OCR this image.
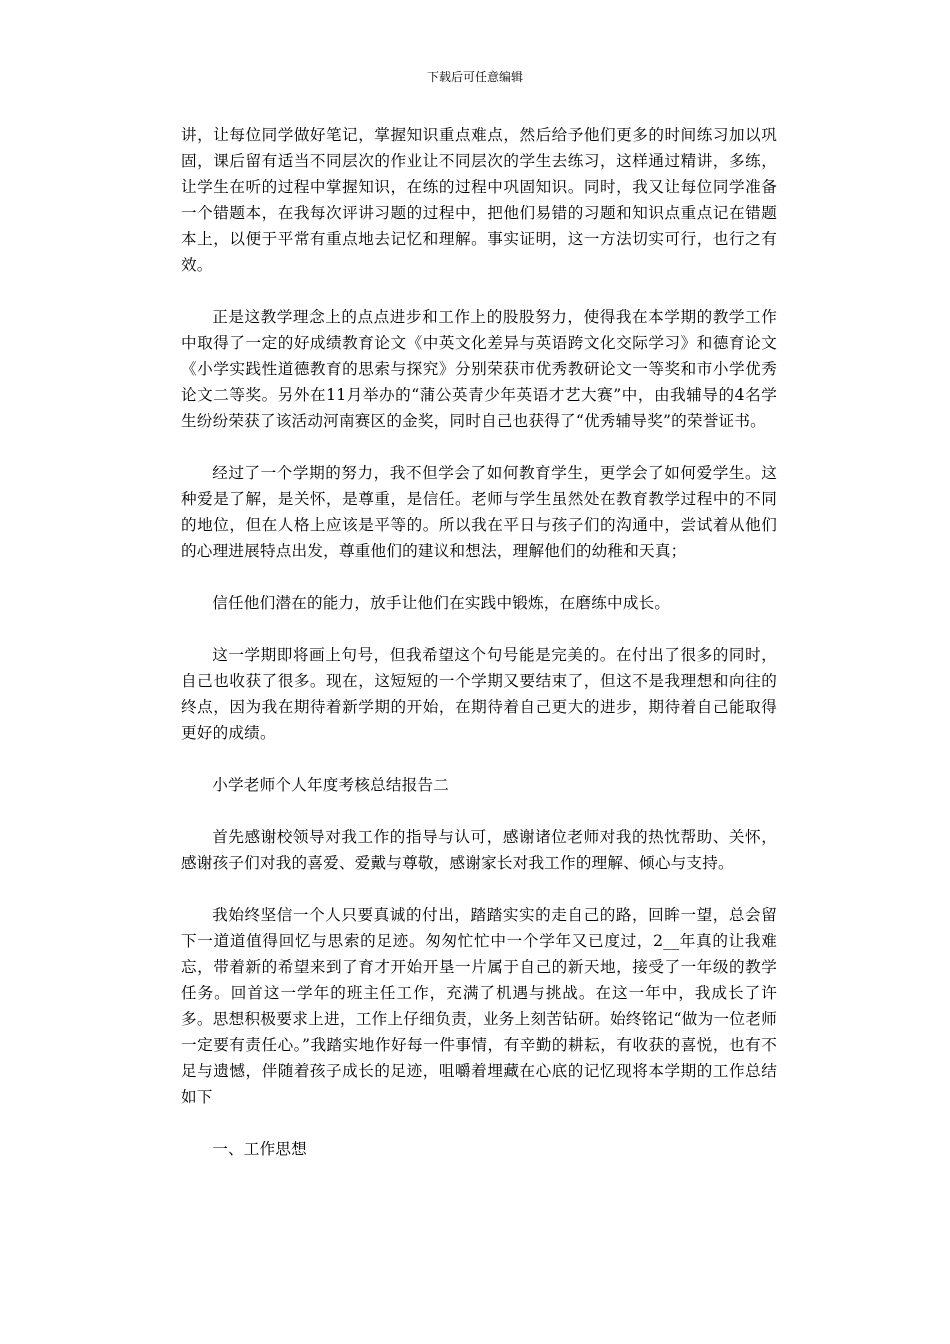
下载后可任意编辑

讲，让每位同学做好笔记，掌握知识重点难点，然后给予他们更多的时间练习加以巩固，课后留有适当不同层次的作业让不同层次的学生去练习，这样通过精讲，多练，让学生在听的过程中掌握知识，在练的过程中巩固知识。同时，我又让每位同学准备一个错题本，在我每次评讲习题的过程中，把他们易错的习题和知识点重点记在错题本上，以便于平常有重点地去记忆和理解。事实证明，这一方法切实可行，也行之有效。

正是这教学理念上的点点进步和工作上的股股努力，使得我在本学期的教学工作中取得了一定的好成绩教育论文《中英文化差异与英语跨文化交际学习》和德育论文《小学实践性道德教育的思索与探究》分别荣获市优秀教研论文一等奖和市小学优秀论文二等奖。另外在11月举办的“蒲公英青少年英语才艺大赛”中，由我辅导的4名学生纷纷荣获了该活动河南赛区的金奖，同时自己也获得了“优秀辅导奖”的荣誉证书。

经过了一个学期的努力，我不但学会了如何教育学生，更学会了如何爱学生。这种爱是了解，是关怀，是尊重，是信任。老师与学生虽然处在教育教学过程中的不同的地位，但在人格上应该是平等的。所以我在平日与孩子们的沟通中，尝试着从他们的心理进展特点出发，尊重他们的建议和想法，理解他们的幼稚和天真；

信任他们潜在的能力，放手让他们在实践中锻炼，在磨练中成长。

这一学期即将画上句号，但我希望这个句号能是完美的。在付出了很多的同时，自己也收获了很多。现在，这短短的一个学期又要结束了，但这不是我理想和向往的终点，因为我在期待着新学期的开始，在期待着自己更大的进步，期待着自己能取得更好的成绩。

小学老师个人年度考核总结报告二

首先感谢校领导对我工作的指导与认可，感谢诸位老师对我的热忱帮助、关怀，感谢孩子们对我的喜爱、爱戴与尊敬，感谢家长对我工作的理解、倾心与支持。

我始终坚信一个人只要真诚的付出，踏踏实实的走自己的路，回眸一望，总会留下一道道值得回忆与思索的足迹。匆匆忙忙中一个学年又已度过，2__年真的让我难忘，带着新的希望来到了育才开始开垦一片属于自己的新天地，接受了一年级的教学任务。回首这一学年的班主任工作，充满了机遇与挑战。在这一年中，我成长了许多。思想积极要求上进，工作上仔细负责，业务上刻苦钻研。始终铭记“做为一位老师一定要有责任心。”我踏实地作好每一件事情，有辛勤的耕耘，有收获的喜悦，也有不足与遗憾，伴随着孩子成长的足迹，咀嚼着埋藏在心底的记忆现将本学期的工作总结如下

一、工作思想
